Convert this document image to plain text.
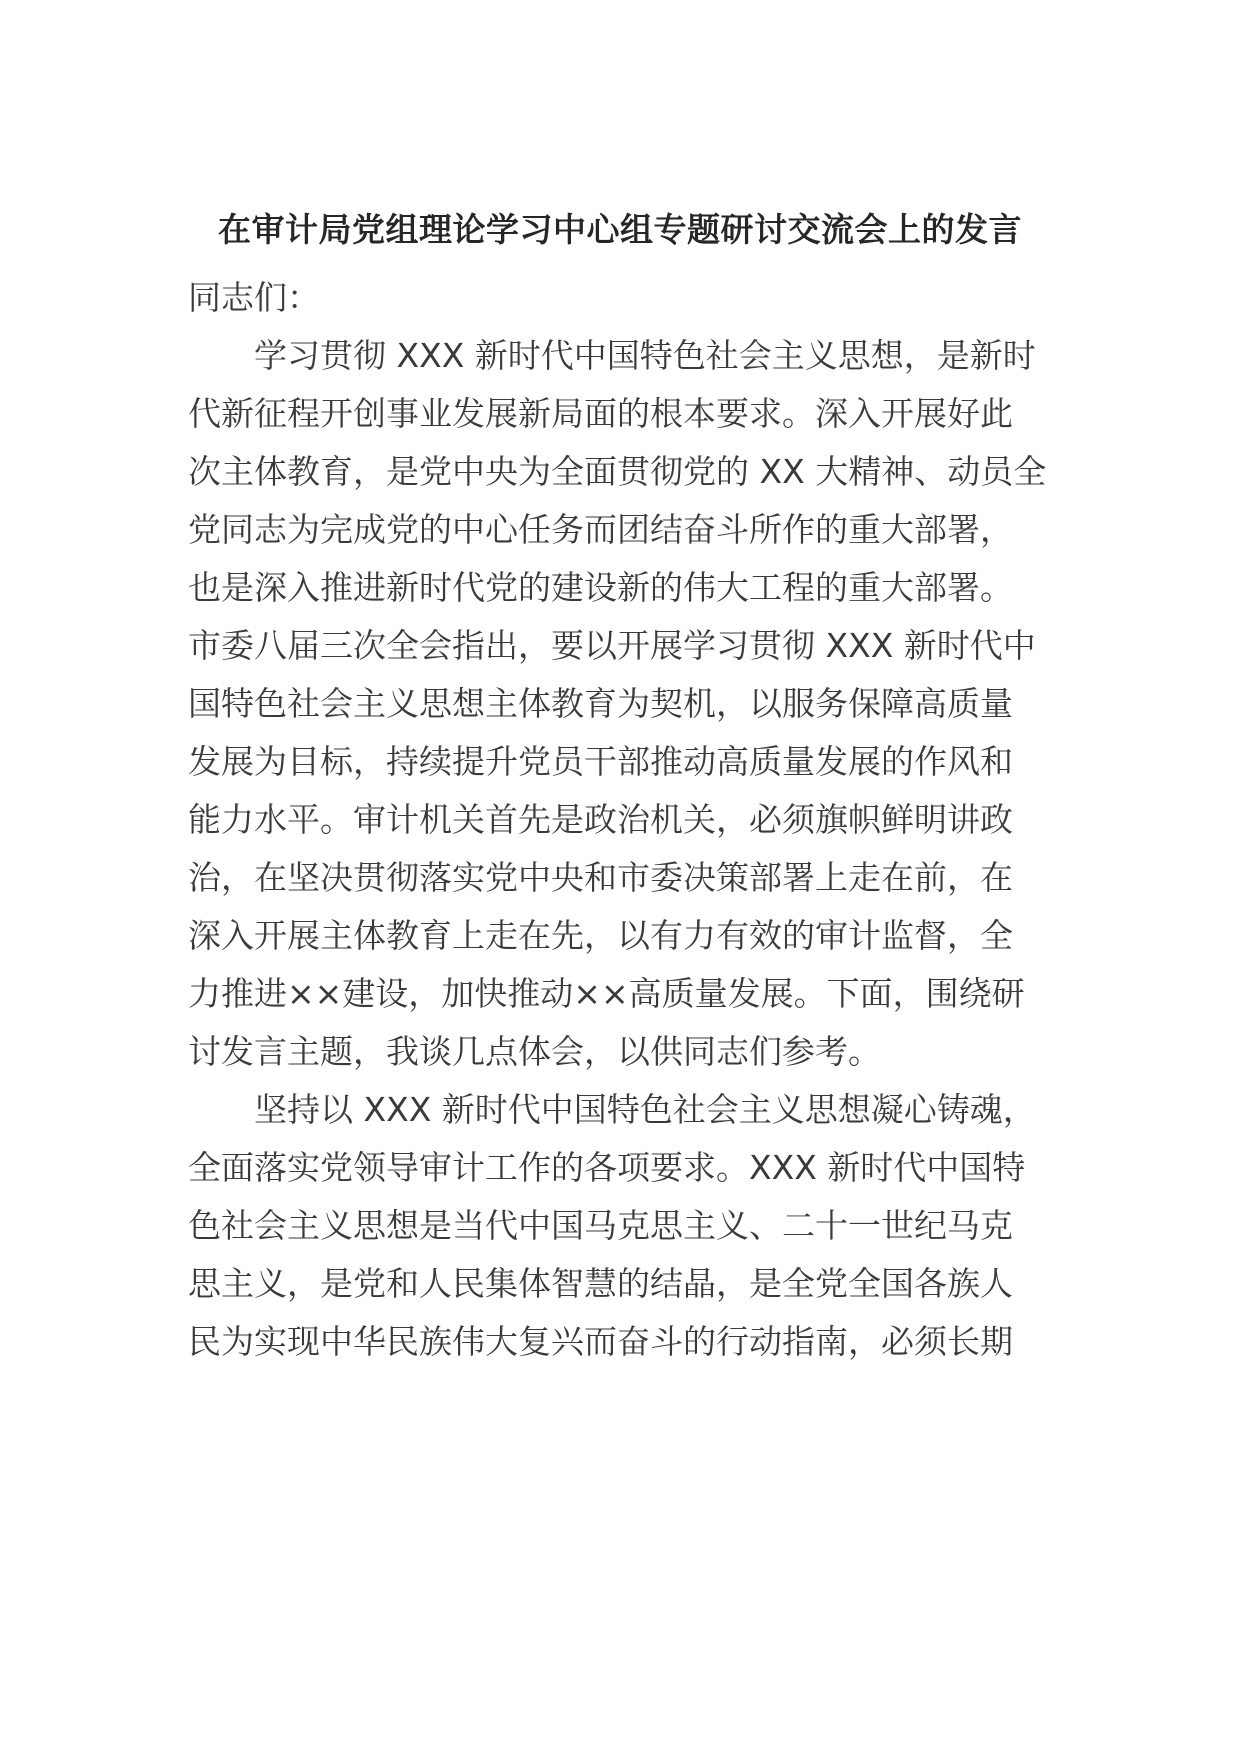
在审计局党组理论学习中心组专题研讨交流会上的发言
同志们：
学习贯彻 XXX 新时代中国特色社会主义思想，是新时
代新征程开创事业发展新局面的根本要求。深入开展好此
次主体教育，是党中央为全面贯彻党的 XX 大精神、动员全
党同志为完成党的中心任务而团结奋斗所作的重大部署，
也是深入推进新时代党的建设新的伟大工程的重大部署。
市委八届三次全会指出，要以开展学习贯彻 XXX 新时代中
国特色社会主义思想主体教育为契机，以服务保障高质量
发展为目标，持续提升党员干部推动高质量发展的作风和
能力水平。审计机关首先是政治机关，必须旗帜鲜明讲政
治，在坚决贯彻落实党中央和市委决策部署上走在前，在
深入开展主体教育上走在先，以有力有效的审计监督，全
力推进××建设，加快推动××高质量发展。下面，围绕研
讨发言主题，我谈几点体会，以供同志们参考。
坚持以 XXX 新时代中国特色社会主义思想凝心铸魂，
全面落实党领导审计工作的各项要求。XXX 新时代中国特
色社会主义思想是当代中国马克思主义、二十一世纪马克
思主义，是党和人民集体智慧的结晶，是全党全国各族人
民为实现中华民族伟大复兴而奋斗的行动指南，必须长期
